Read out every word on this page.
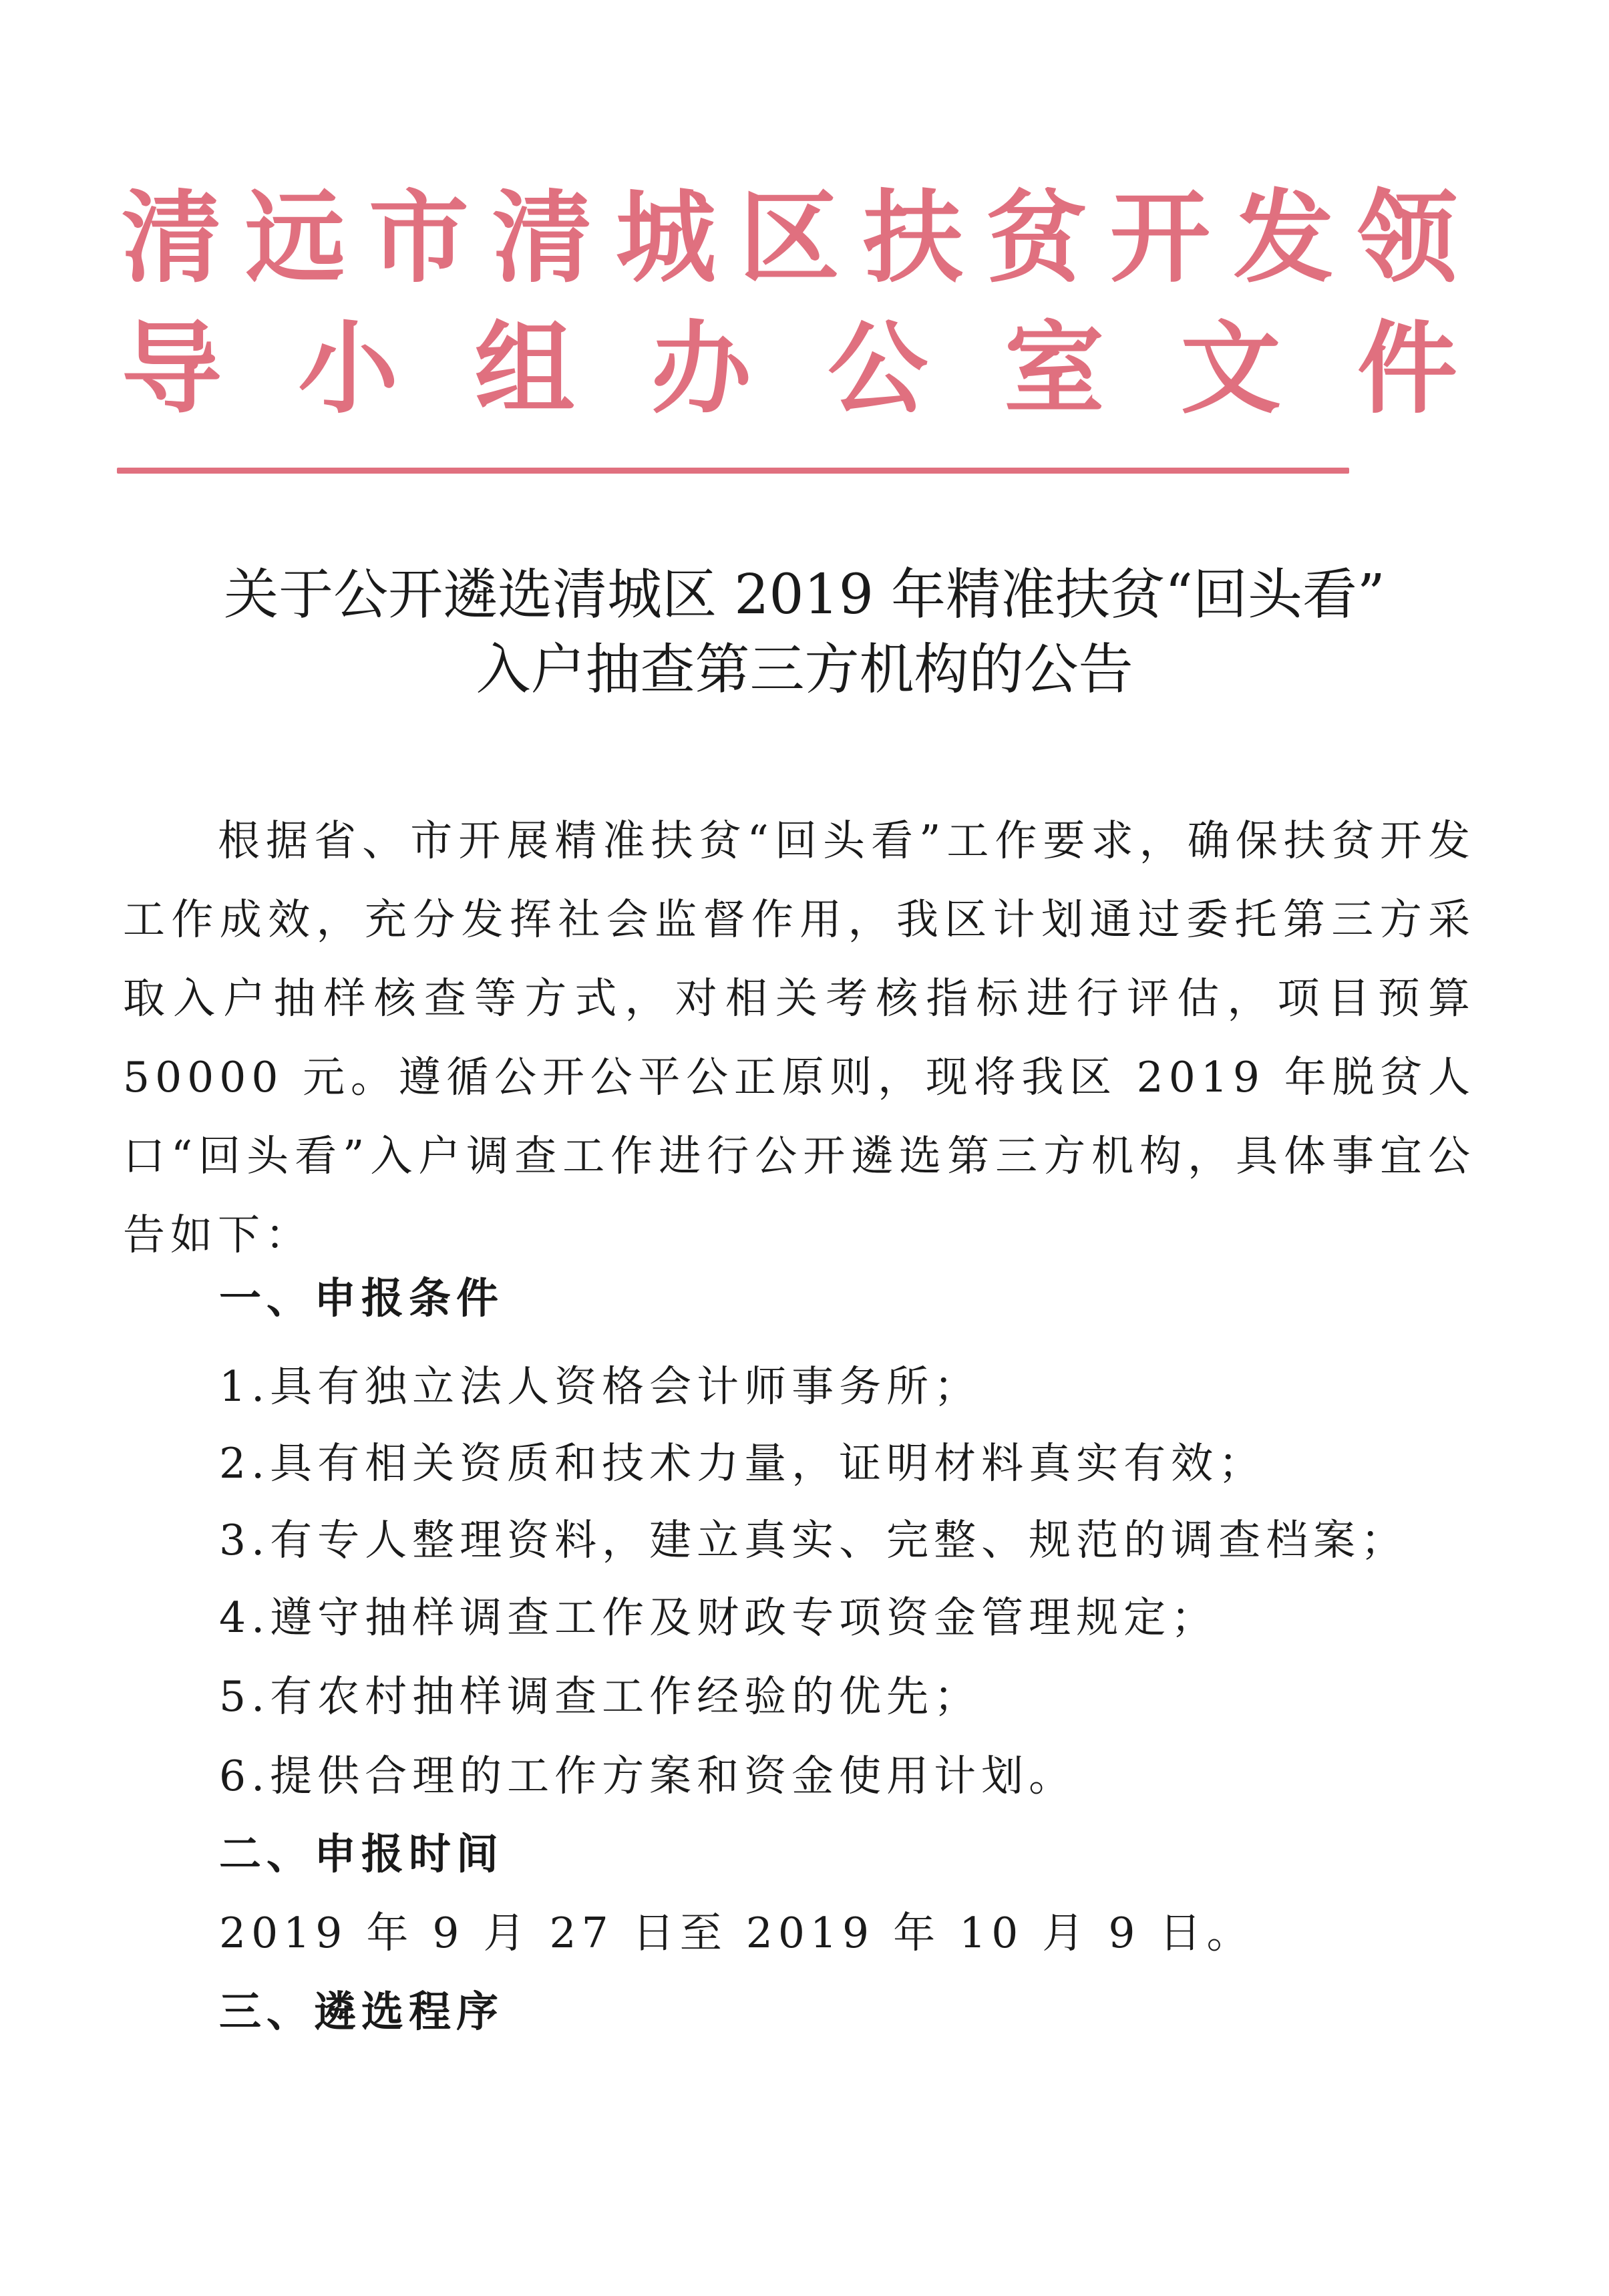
清 远 市 清 城 区 扶 贫 开 发 领
导 小 组 办 公 室 文 件
关于公开遴选清城区 2019 年精准扶贫“回头看”
入户抽查第三方机构的公告
根据省、市开展精准扶贫“回头看”工作要求，确保扶贫开发工作成效，充分发挥社会监督作用，我区计划通过委托第三方采取入户抽样核查等方式，对相关考核指标进行评估，项目预算 50000 元。遵循公开公平公正原则，现将我区 2019 年脱贫人口“回头看”入户调查工作进行公开遴选第三方机构，具体事宜公告如下：
一、申报条件
1.具有独立法人资格会计师事务所；
2.具有相关资质和技术力量，证明材料真实有效；
3.有专人整理资料，建立真实、完整、规范的调查档案；
4.遵守抽样调查工作及财政专项资金管理规定；
5.有农村抽样调查工作经验的优先；
6.提供合理的工作方案和资金使用计划。
二、申报时间
2019 年 9 月 27 日至 2019 年 10 月 9 日。
三、遴选程序
